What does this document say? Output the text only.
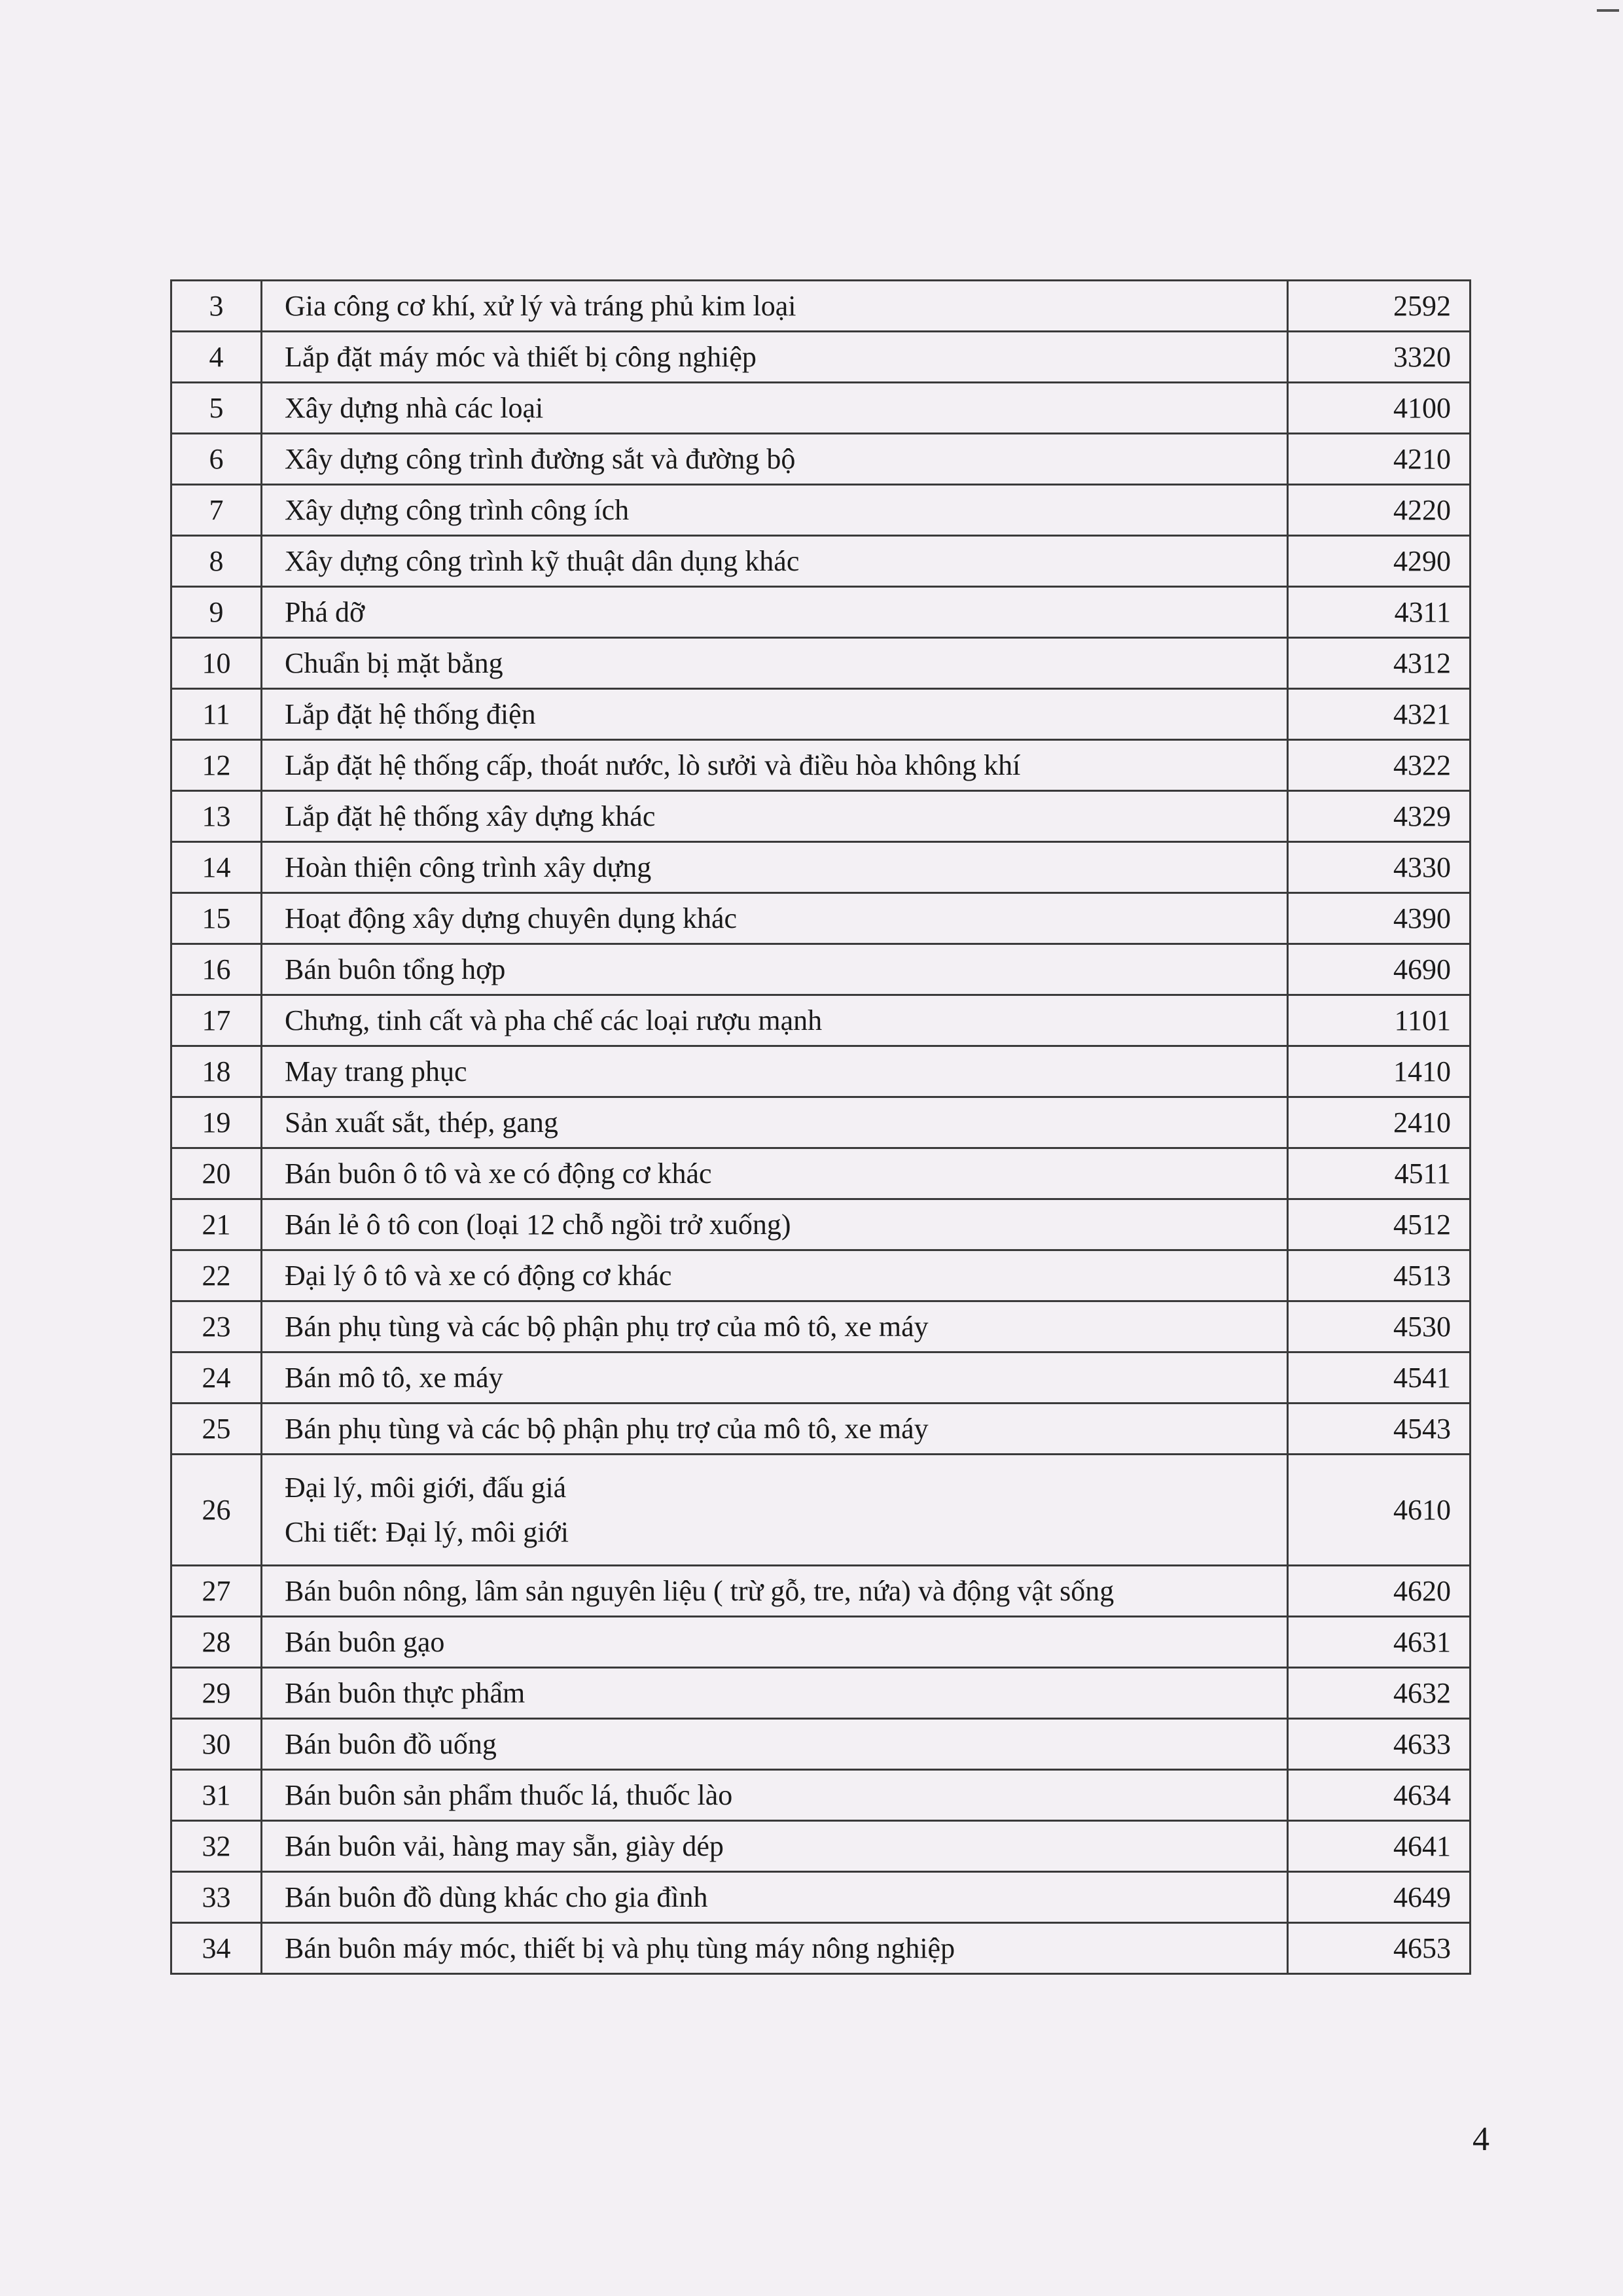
3	Gia công cơ khí, xử lý và tráng phủ kim loại	2592
4	Lắp đặt máy móc và thiết bị công nghiệp	3320
5	Xây dựng nhà các loại	4100
6	Xây dựng công trình đường sắt và đường bộ	4210
7	Xây dựng công trình công ích	4220
8	Xây dựng công trình kỹ thuật dân dụng khác	4290
9	Phá dỡ	4311
10	Chuẩn bị mặt bằng	4312
11	Lắp đặt hệ thống điện	4321
12	Lắp đặt hệ thống cấp, thoát nước, lò sưởi và điều hòa không khí	4322
13	Lắp đặt hệ thống xây dựng khác	4329
14	Hoàn thiện công trình xây dựng	4330
15	Hoạt động xây dựng chuyên dụng khác	4390
16	Bán buôn tổng hợp	4690
17	Chưng, tinh cất và pha chế các loại rượu mạnh	1101
18	May trang phục	1410
19	Sản xuất sắt, thép, gang	2410
20	Bán buôn ô tô và xe có động cơ khác	4511
21	Bán lẻ ô tô con (loại 12 chỗ ngồi trở xuống)	4512
22	Đại lý ô tô và xe có động cơ khác	4513
23	Bán phụ tùng và các bộ phận phụ trợ của mô tô, xe máy	4530
24	Bán mô tô, xe máy	4541
25	Bán phụ tùng và các bộ phận phụ trợ của mô tô, xe máy	4543
26	Đại lý, môi giới, đấu giá
Chi tiết: Đại lý, môi giới	4610
27	Bán buôn nông, lâm sản nguyên liệu ( trừ gỗ, tre, nứa) và động vật sống	4620
28	Bán buôn gạo	4631
29	Bán buôn thực phẩm	4632
30	Bán buôn đồ uống	4633
31	Bán buôn sản phẩm thuốc lá, thuốc lào	4634
32	Bán buôn vải, hàng may sẵn, giày dép	4641
33	Bán buôn đồ dùng khác cho gia đình	4649
34	Bán buôn máy móc, thiết bị và phụ tùng máy nông nghiệp	4653
4
